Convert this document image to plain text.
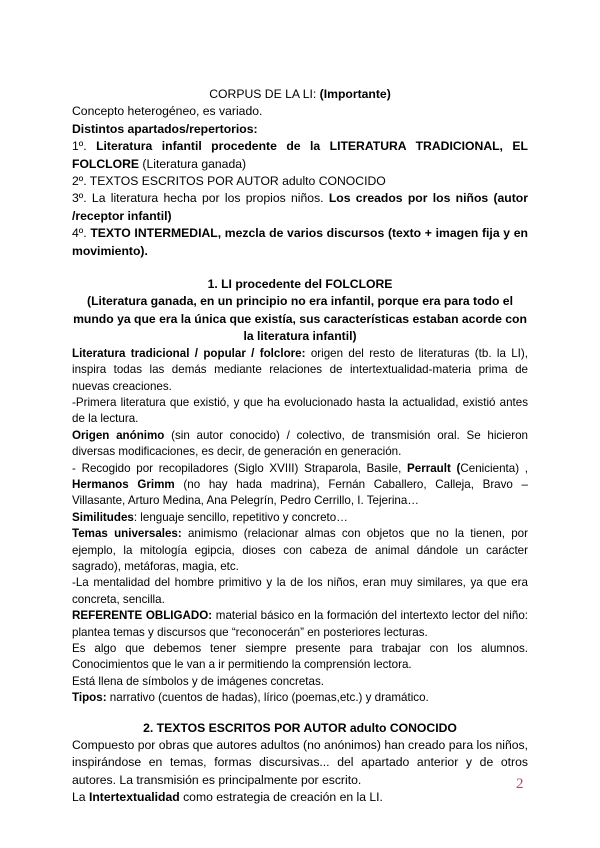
CORPUS DE LA LI: (Importante)
Concepto heterogéneo, es variado.
Distintos apartados/repertorios:
1º. Literatura infantil procedente de la LITERATURA TRADICIONAL, EL FOLCLORE (Literatura ganada)
2º. TEXTOS ESCRITOS POR AUTOR adulto CONOCIDO
3º. La literatura hecha por los propios niños. Los creados por los niños (autor /receptor infantil)
4º. TEXTO INTERMEDIAL, mezcla de varios discursos (texto + imagen fija y en movimiento).
1. LI procedente del FOLCLORE
(Literatura ganada, en un principio no era infantil, porque era para todo el mundo ya que era la única que existía, sus características estaban acorde con la literatura infantil)
Literatura tradicional / popular / folclore: origen del resto de literaturas (tb. la LI), inspira todas las demás mediante relaciones de intertextualidad-materia prima de nuevas creaciones.
-Primera literatura que existió, y que ha evolucionado hasta la actualidad, existió antes de la lectura.
Origen anónimo (sin autor conocido) / colectivo, de transmisión oral. Se hicieron diversas modificaciones, es decir, de generación en generación.
- Recogido por recopiladores (Siglo XVIII) Straparola, Basile, Perrault (Cenicienta) , Hermanos Grimm (no hay hada madrina), Fernán Caballero, Calleja, Bravo – Villasante, Arturo Medina, Ana Pelegrín, Pedro Cerrillo, I. Tejerina…
Similitudes: lenguaje sencillo, repetitivo y concreto…
Temas universales: animismo (relacionar almas con objetos que no la tienen, por ejemplo, la mitología egipcia, dioses con cabeza de animal dándole un carácter sagrado), metáforas, magia, etc.
-La mentalidad del hombre primitivo y la de los niños, eran muy similares, ya que era concreta, sencilla.
REFERENTE OBLIGADO: material básico en la formación del intertexto lector del niño: plantea temas y discursos que “reconocerán” en posteriores lecturas.
Es algo que debemos tener siempre presente para trabajar con los alumnos. Conocimientos que le van a ir permitiendo la comprensión lectora.
Está llena de símbolos y de imágenes concretas.
Tipos: narrativo (cuentos de hadas), lírico (poemas,etc.) y dramático.
2. TEXTOS ESCRITOS POR AUTOR adulto CONOCIDO
Compuesto por obras que autores adultos (no anónimos) han creado para los niños, inspirándose en temas, formas discursivas... del apartado anterior y de otros autores. La transmisión es principalmente por escrito.
La Intertextualidad como estrategia de creación en la LI.
2
